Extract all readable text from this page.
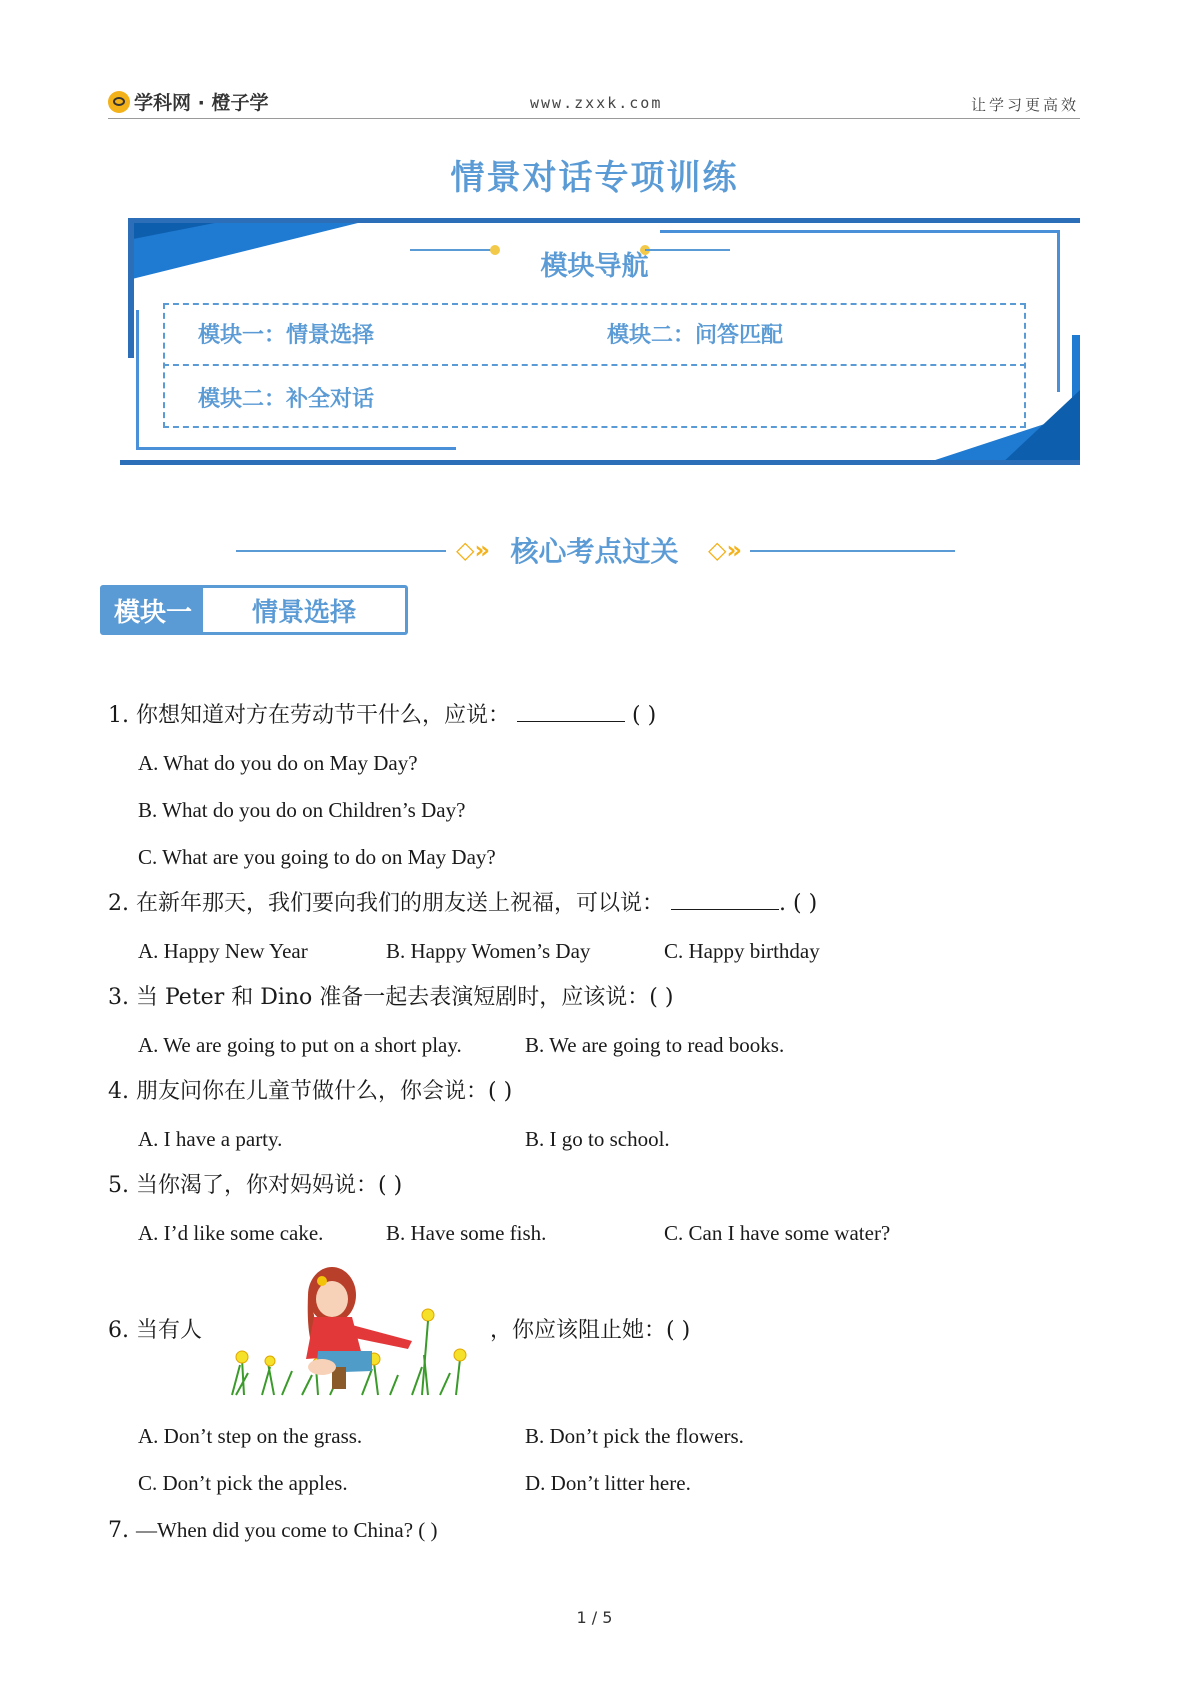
学科网 · 橙子学	www.zxxk.com	让学习更高效
情景对话专项训练
模块导航
模块一：情景选择	模块二：问答匹配
模块二：补全对话
◇»	◇»
核心考点过关
模块一	情景选择
1. 你想知道对方在劳动节干什么，应说：	( )
A. What do you do on May Day?
B. What do you do on Children’s Day?
C. What are you going to do on May Day?
2. 在新年那天，我们要向我们的朋友送上祝福，可以说：	. ( )
A. Happy New Year	B. Happy Women’s Day	C. Happy birthday
3. 当 Peter 和 Dino 准备一起去表演短剧时，应该说：( )
A. We are going to put on a short play.	B. We are going to read books.
4. 朋友问你在儿童节做什么，你会说：( )
A. I have a party.	B. I go to school.
5. 当你渴了，你对妈妈说：( )
A. I’d like some cake.	B. Have some fish.	C. Can I have some water?
6. 当有人	，你应该阻止她：( )
A. Don’t step on the grass.	B. Don’t pick the flowers.
C. Don’t pick the apples.	D. Don’t litter here.
7. —When did you come to China? ( )
1 / 5
